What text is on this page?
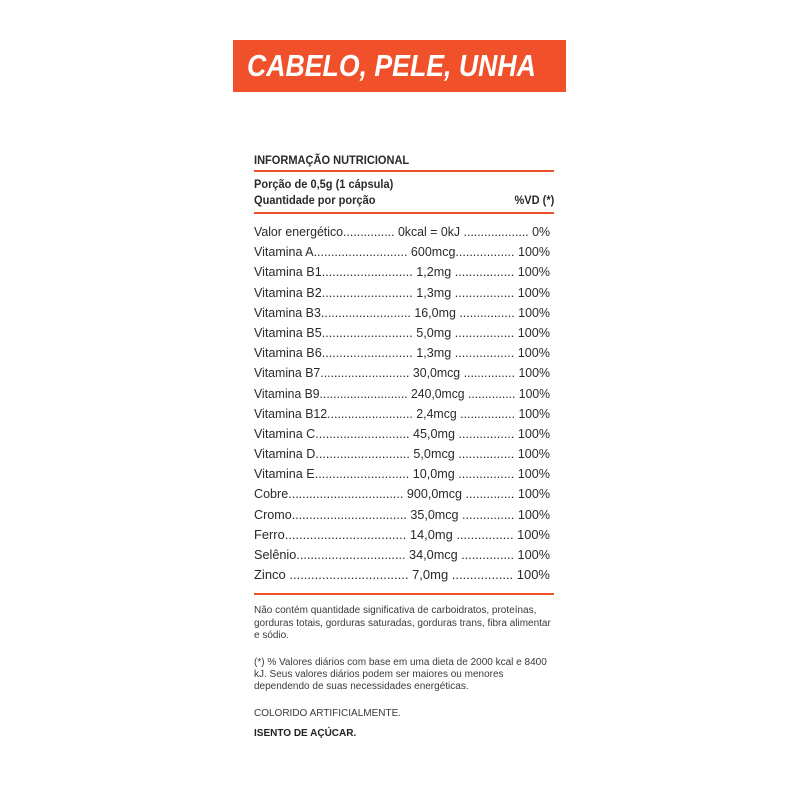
CABELO, PELE, UNHA
INFORMAÇÃO NUTRICIONAL
Porção de 0,5g (1 cápsula)
Quantidade por porção	%VD (*)
Valor energético............... 0kcal = 0kJ ................... 0%
Vitamina A........................... 600mcg................. 100%
Vitamina B1.......................... 1,2mg ................. 100%
Vitamina B2.......................... 1,3mg ................. 100%
Vitamina B3.......................... 16,0mg ................ 100%
Vitamina B5.......................... 5,0mg ................. 100%
Vitamina B6.......................... 1,3mg ................. 100%
Vitamina B7.......................... 30,0mcg ............... 100%
Vitamina B9.......................... 240,0mcg .............. 100%
Vitamina B12......................... 2,4mcg ................ 100%
Vitamina C........................... 45,0mg ................ 100%
Vitamina D........................... 5,0mcg ................ 100%
Vitamina E........................... 10,0mg ................ 100%
Cobre................................. 900,0mcg .............. 100%
Cromo................................. 35,0mcg ............... 100%
Ferro.................................. 14,0mg ................ 100%
Selênio............................... 34,0mcg ............... 100%
Zinco ................................. 7,0mg ................. 100%

Não contém quantidade significativa de carboidratos, proteínas, gorduras totais, gorduras saturadas, gorduras trans, fibra alimentar e sódio.

(*) % Valores diários com base em uma dieta de 2000 kcal e 8400 kJ. Seus valores diários podem ser maiores ou menores dependendo de suas necessidades energéticas.

COLORIDO ARTIFICIALMENTE.

ISENTO DE AÇÚCAR.
